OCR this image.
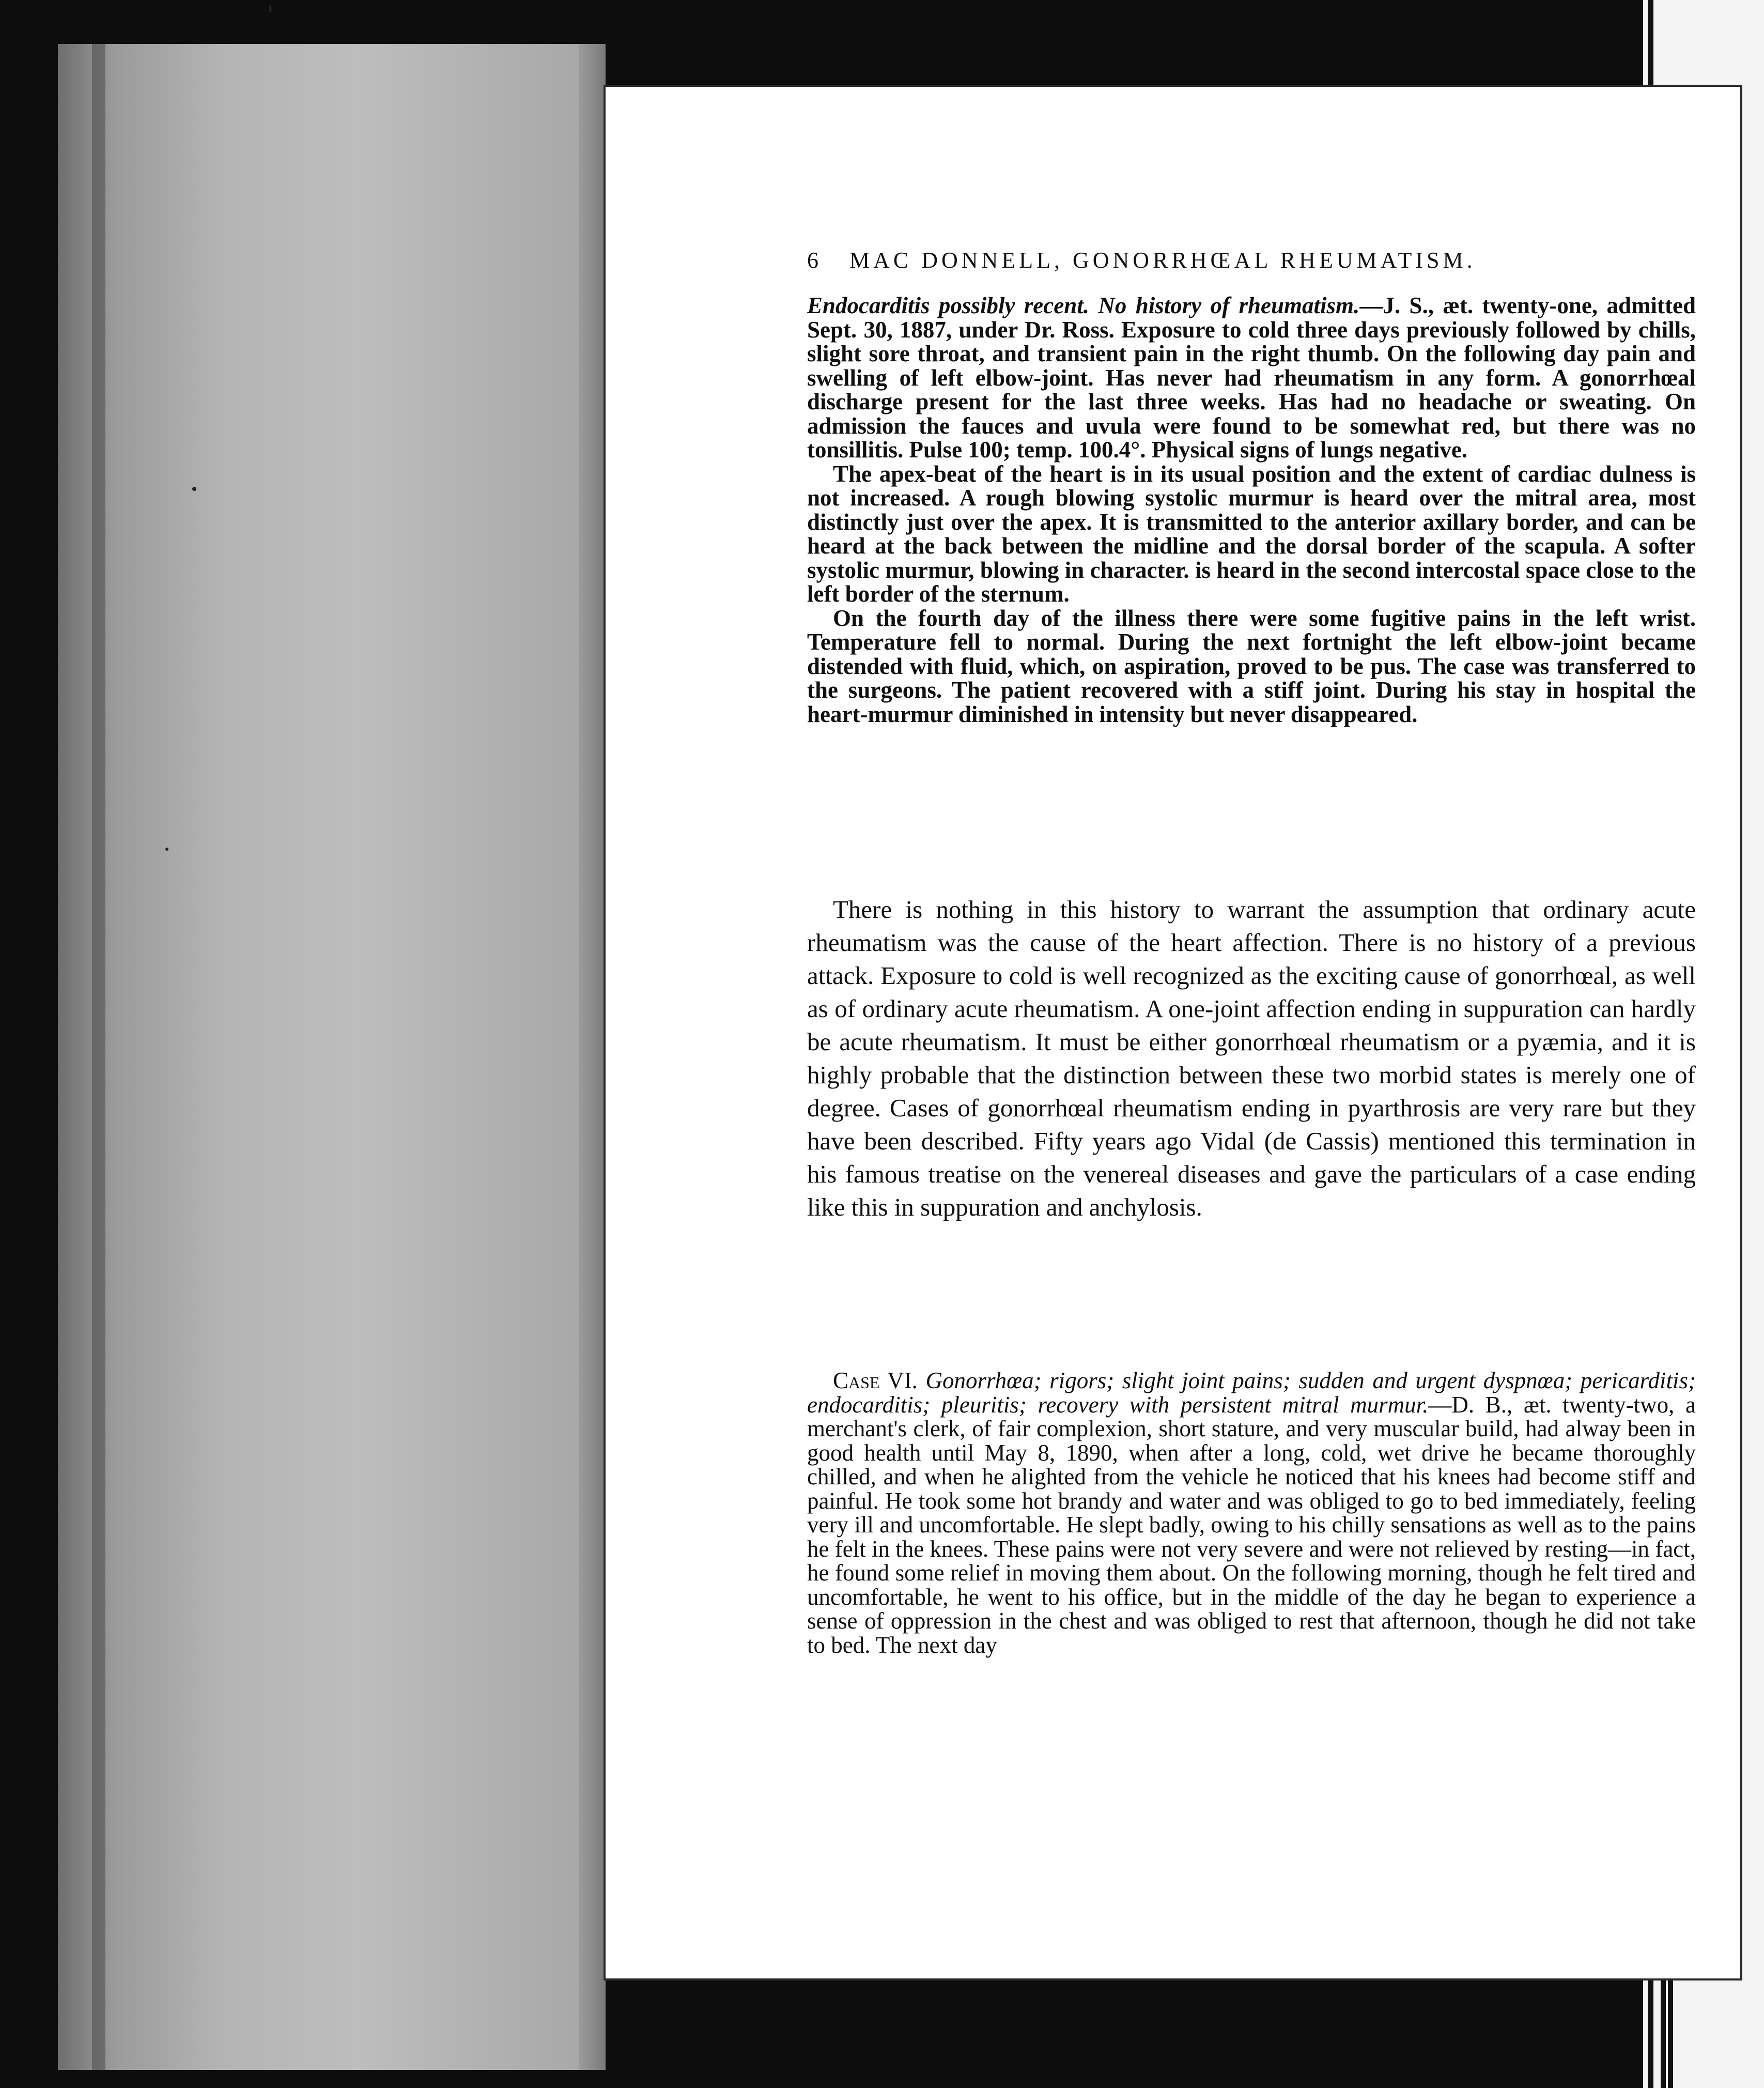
6 MAC DONNELL, GONORRHŒAL RHEUMATISM.

Endocarditis possibly recent. No history of rheumatism.—J. S., æt. twenty-one, admitted Sept. 30, 1887, under Dr. Ross. Exposure to cold three days previously followed by chills, slight sore throat, and transient pain in the right thumb. On the following day pain and swelling of left elbow-joint. Has never had rheumatism in any form. A gonorrhœal discharge present for the last three weeks. Has had no headache or sweating. On admission the fauces and uvula were found to be somewhat red, but there was no tonsillitis. Pulse 100; temp. 100.4°. Physical signs of lungs negative.

The apex-beat of the heart is in its usual position and the extent of cardiac dulness is not increased. A rough blowing systolic murmur is heard over the mitral area, most distinctly just over the apex. It is transmitted to the anterior axillary border, and can be heard at the back between the midline and the dorsal border of the scapula. A softer systolic murmur, blowing in character. is heard in the second intercostal space close to the left border of the sternum.

On the fourth day of the illness there were some fugitive pains in the left wrist. Temperature fell to normal. During the next fortnight the left elbow-joint became distended with fluid, which, on aspiration, proved to be pus. The case was transferred to the surgeons. The patient recovered with a stiff joint. During his stay in hospital the heart-murmur diminished in intensity but never disappeared.

There is nothing in this history to warrant the assumption that ordinary acute rheumatism was the cause of the heart affection. There is no history of a previous attack. Exposure to cold is well recognized as the exciting cause of gonorrhœal, as well as of ordinary acute rheumatism. A one-joint affection ending in suppuration can hardly be acute rheumatism. It must be either gonorrhœal rheumatism or a pyæmia, and it is highly probable that the distinction between these two morbid states is merely one of degree. Cases of gonorrhœal rheumatism ending in pyarthrosis are very rare but they have been described. Fifty years ago Vidal (de Cassis) mentioned this termination in his famous treatise on the venereal diseases and gave the particulars of a case ending like this in suppuration and anchylosis.

Case VI. Gonorrhœa; rigors; slight joint pains; sudden and urgent dyspnœa; pericarditis; endocarditis; pleuritis; recovery with persistent mitral murmur.—D. B., æt. twenty-two, a merchant's clerk, of fair complexion, short stature, and very muscular build, had alway been in good health until May 8, 1890, when after a long, cold, wet drive he became thoroughly chilled, and when he alighted from the vehicle he noticed that his knees had become stiff and painful. He took some hot brandy and water and was obliged to go to bed immediately, feeling very ill and uncomfortable. He slept badly, owing to his chilly sensations as well as to the pains he felt in the knees. These pains were not very severe and were not relieved by resting—in fact, he found some relief in moving them about. On the following morning, though he felt tired and uncomfortable, he went to his office, but in the middle of the day he began to experience a sense of oppression in the chest and was obliged to rest that afternoon, though he did not take to bed. The next day
